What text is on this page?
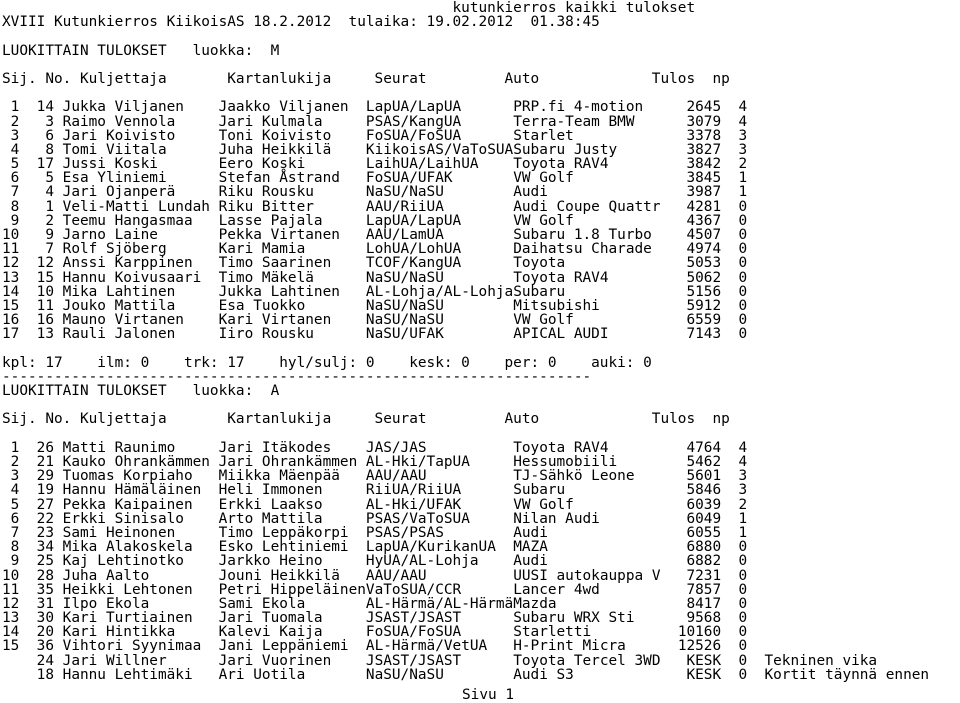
kutunkierros kaikki tulokset
XVIII Kutunkierros KiikoisAS 18.2.2012  tulaika: 19.02.2012  01.38:45
LUOKITTAIN TULOKSET   luokka:  M
Sij. No. Kuljettaja       Kartanlukija     Seurat         Auto             Tulos  np
1  14 Jukka Viljanen    Jaakko Viljanen  LapUA/LapUA      PRP.fi 4-motion     2645  4
2   3 Raimo Vennola     Jari Kulmala     PSAS/KangUA      Terra-Team BMW      3079  4
3   6 Jari Koivisto     Toni Koivisto    FoSUA/FoSUA      Starlet             3378  3
4   8 Tomi Viitala      Juha Heikkilä    KiikoisAS/VaToSUASubaru Justy        3827  3
5  17 Jussi Koski       Eero Koski       LaihUA/LaihUA    Toyota RAV4         3842  2
6   5 Esa Yliniemi      Stefan Åstrand   FoSUA/UFAK       VW Golf             3845  1
7   4 Jari Ojanperä     Riku Rousku      NaSU/NaSU        Audi                3987  1
8   1 Veli-Matti Lundah Riku Bitter      AAU/RiiUA        Audi Coupe Quattr   4281  0
9   2 Teemu Hangasmaa   Lasse Pajala     LapUA/LapUA      VW Golf             4367  0
10   9 Jarno Laine       Pekka Virtanen   AAU/LamUA        Subaru 1.8 Turbo    4507  0
11   7 Rolf Sjöberg      Kari Mamia       LohUA/LohUA      Daihatsu Charade    4974  0
12  12 Anssi Karppinen   Timo Saarinen    TCOF/KangUA      Toyota              5053  0
13  15 Hannu Koivusaari  Timo Mäkelä      NaSU/NaSU        Toyota RAV4         5062  0
14  10 Mika Lahtinen     Jukka Lahtinen   AL-Lohja/AL-LohjaSubaru              5156  0
15  11 Jouko Mattila     Esa Tuokko       NaSU/NaSU        Mitsubishi          5912  0
16  16 Mauno Virtanen    Kari Virtanen    NaSU/NaSU        VW Golf             6559  0
17  13 Rauli Jalonen     Iiro Rousku      NaSU/UFAK        APICAL AUDI         7143  0
kpl: 17    ilm: 0    trk: 17    hyl/sulj: 0    kesk: 0    per: 0    auki: 0
--------------------------------------------------------------------
LUOKITTAIN TULOKSET   luokka:  A
Sij. No. Kuljettaja       Kartanlukija     Seurat         Auto             Tulos  np
1  26 Matti Raunimo     Jari Itäkodes    JAS/JAS          Toyota RAV4         4764  4
2  21 Kauko Ohrankämmen Jari Ohrankämmen AL-Hki/TapUA     Hessumobiili        5462  4
3  29 Tuomas Korpiaho   Miikka Mäenpää   AAU/AAU          TJ-Sähkö Leone      5601  3
4  19 Hannu Hämäläinen  Heli Immonen     RiiUA/RiiUA      Subaru              5846  3
5  27 Pekka Kaipainen   Erkki Laakso     AL-Hki/UFAK      VW Golf             6039  2
6  22 Erkki Sinisalo    Arto Mattila     PSAS/VaToSUA     Nilan Audi          6049  1
7  23 Sami Heinonen     Timo Leppäkorpi  PSAS/PSAS        Audi                6055  1
8  34 Mika Alakoskela   Esko Lehtiniemi  LapUA/KurikanUA  MAZA                6880  0
9  25 Kaj Lehtinotko    Jarkko Heino     HyUA/AL-Lohja    Audi                6882  0
10  28 Juha Aalto        Jouni Heikkilä   AAU/AAU          UUSI autokauppa V   7231  0
11  35 Heikki Lehtonen   Petri HippeläinenVaToSUA/CCR      Lancer 4wd          7857  0
12  31 Ilpo Ekola        Sami Ekola       AL-Härmä/AL-HärmäMazda               8417  0
13  30 Kari Turtiainen   Jari Tuomala     JSAST/JSAST      Subaru WRX Sti      9568  0
14  20 Kari Hintikka     Kalevi Kaija     FoSUA/FoSUA      Starletti          10160  0
15  36 Vihtori Syynimaa  Jani Leppäniemi  AL-Härmä/VetUA   H-Print Micra      12526  0
24 Jari Willner      Jari Vuorinen    JSAST/JSAST      Toyota Tercel 3WD   KESK  0 Tekninen vika
18 Hannu Lehtimäki   Ari Uotila       NaSU/NaSU        Audi S3             KESK  0 Kortit täynnä ennen
Sivu 1
